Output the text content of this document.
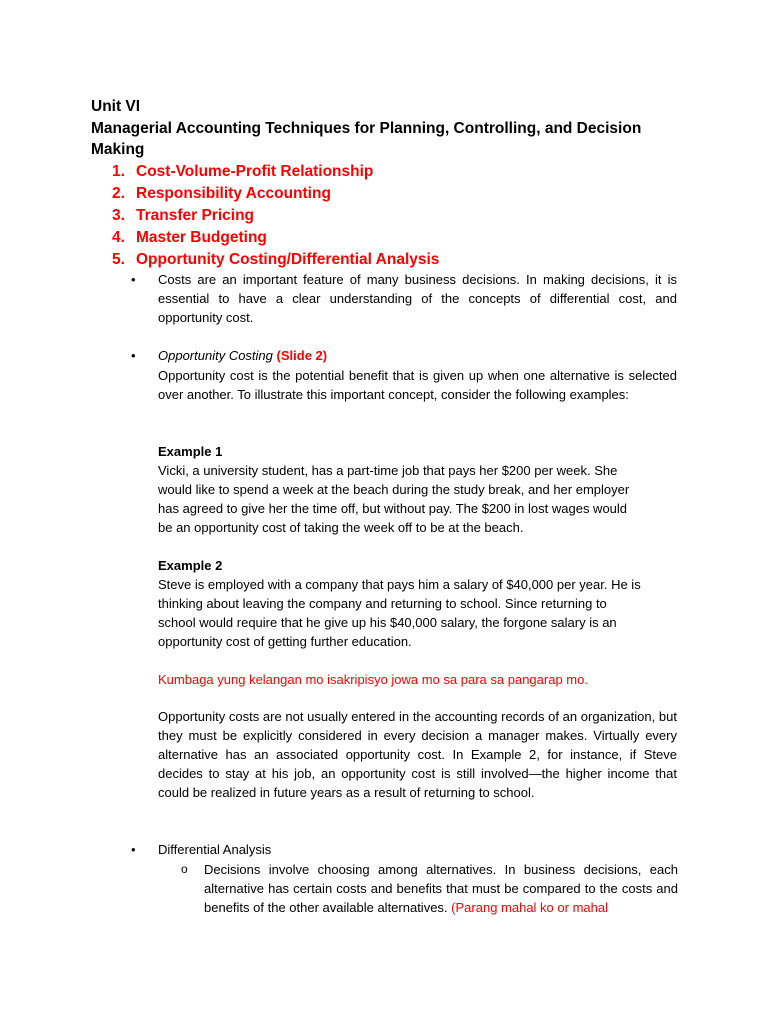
Unit VI
Managerial Accounting Techniques for Planning, Controlling, and Decision
Making
1. Cost-Volume-Profit Relationship
2. Responsibility Accounting
3. Transfer Pricing
4. Master Budgeting
5. Opportunity Costing/Differential Analysis
• Costs are an important feature of many business decisions. In making decisions, it is essential to have a clear understanding of the concepts of differential cost, and opportunity cost.
• Opportunity Costing (Slide 2)
Opportunity cost is the potential benefit that is given up when one alternative is selected over another. To illustrate this important concept, consider the following examples:
Example 1

Vicki, a university student, has a part-time job that pays her $200 per week. She

would like to spend a week at the beach during the study break, and her employer

has agreed to give her the time off, but without pay. The $200 in lost wages would

be an opportunity cost of taking the week off to be at the beach.

Example 2

Steve is employed with a company that pays him a salary of $40,000 per year. He is

thinking about leaving the company and returning to school. Since returning to

school would require that he give up his $40,000 salary, the forgone salary is an

opportunity cost of getting further education.

Kumbaga yung kelangan mo isakripisyo jowa mo sa para sa pangarap mo.
Opportunity costs are not usually entered in the accounting records of an organization, but they must be explicitly considered in every decision a manager makes. Virtually every alternative has an associated opportunity cost. In Example 2, for instance, if Steve decides to stay at his job, an opportunity cost is still involved—the higher income that could be realized in future years as a result of returning to school.
• Differential Analysis
o Decisions involve choosing among alternatives. In business decisions, each alternative has certain costs and benefits that must be compared to the costs and benefits of the other available alternatives. (Parang mahal ko or mahal
